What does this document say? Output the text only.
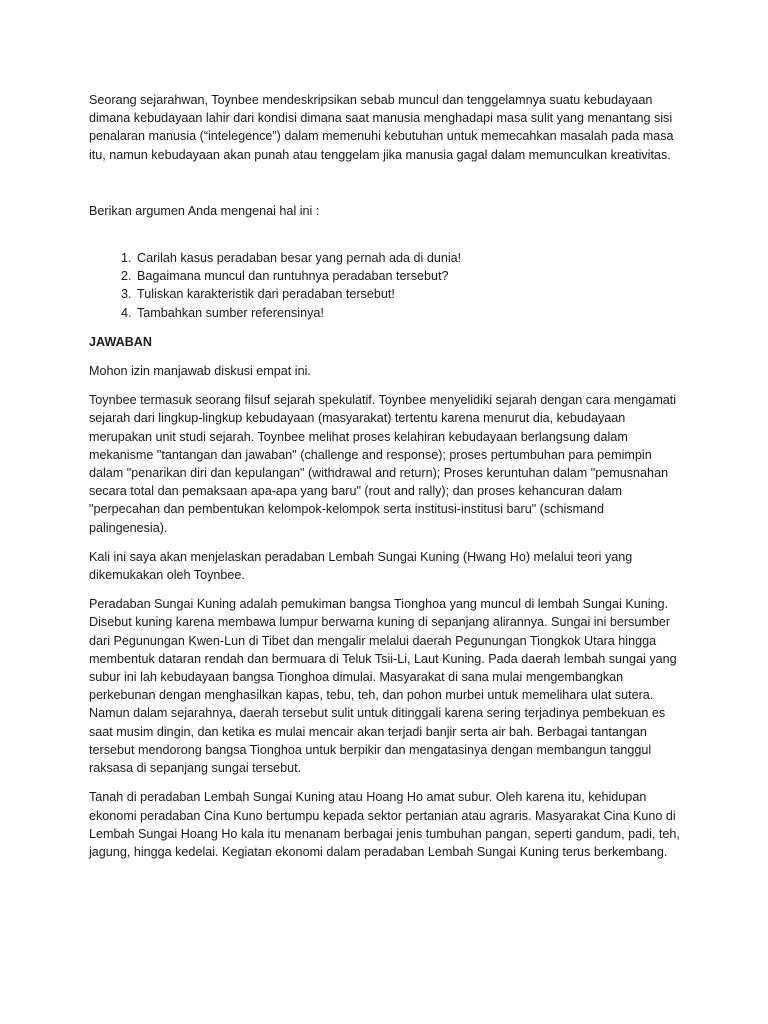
Seorang sejarahwan, Toynbee mendeskripsikan sebab muncul dan tenggelamnya suatu kebudayaan dimana kebudayaan lahir dari kondisi dimana saat manusia menghadapi masa sulit yang menantang sisi penalaran manusia (“intelegence”) dalam memenuhi kebutuhan untuk memecahkan masalah pada masa itu, namun kebudayaan akan punah atau tenggelam jika manusia gagal dalam memunculkan kreativitas.

Berikan argumen Anda mengenai hal ini :

1. Carilah kasus peradaban besar yang pernah ada di dunia!
2. Bagaimana muncul dan runtuhnya peradaban tersebut?
3. Tuliskan karakteristik dari peradaban tersebut!
4. Tambahkan sumber referensinya!

JAWABAN

Mohon izin manjawab diskusi empat ini.

Toynbee termasuk seorang filsuf sejarah spekulatif. Toynbee menyelidiki sejarah dengan cara mengamati sejarah dari lingkup-lingkup kebudayaan (masyarakat) tertentu karena menurut dia, kebudayaan merupakan unit studi sejarah. Toynbee melihat proses kelahiran kebudayaan berlangsung dalam mekanisme "tantangan dan jawaban" (challenge and response); proses pertumbuhan para pemimpin dalam "penarikan diri dan kepulangan" (withdrawal and return); Proses keruntuhan dalam "pemusnahan secara total dan pemaksaan apa-apa yang baru" (rout and rally); dan proses kehancuran dalam "perpecahan dan pembentukan kelompok-kelompok serta institusi-institusi baru" (schismand palingenesia).

Kali ini saya akan menjelaskan peradaban Lembah Sungai Kuning (Hwang Ho) melalui teori yang dikemukakan oleh Toynbee.

Peradaban Sungai Kuning adalah pemukiman bangsa Tionghoa yang muncul di lembah Sungai Kuning. Disebut kuning karena membawa lumpur berwarna kuning di sepanjang alirannya. Sungai ini bersumber dari Pegunungan Kwen-Lun di Tibet dan mengalir melalui daerah Pegunungan Tiongkok Utara hingga membentuk dataran rendah dan bermuara di Teluk Tsii-Li, Laut Kuning. Pada daerah lembah sungai yang subur ini lah kebudayaan bangsa Tionghoa dimulai. Masyarakat di sana mulai mengembangkan perkebunan dengan menghasilkan kapas, tebu, teh, dan pohon murbei untuk memelihara ulat sutera. Namun dalam sejarahnya, daerah tersebut sulit untuk ditinggali karena sering terjadinya pembekuan es saat musim dingin, dan ketika es mulai mencair akan terjadi banjir serta air bah. Berbagai tantangan tersebut mendorong bangsa Tionghoa untuk berpikir dan mengatasinya dengan membangun tanggul raksasa di sepanjang sungai tersebut.

Tanah di peradaban Lembah Sungai Kuning atau Hoang Ho amat subur. Oleh karena itu, kehidupan ekonomi peradaban Cina Kuno bertumpu kepada sektor pertanian atau agraris. Masyarakat Cina Kuno di Lembah Sungai Hoang Ho kala itu menanam berbagai jenis tumbuhan pangan, seperti gandum, padi, teh, jagung, hingga kedelai. Kegiatan ekonomi dalam peradaban Lembah Sungai Kuning terus berkembang.
